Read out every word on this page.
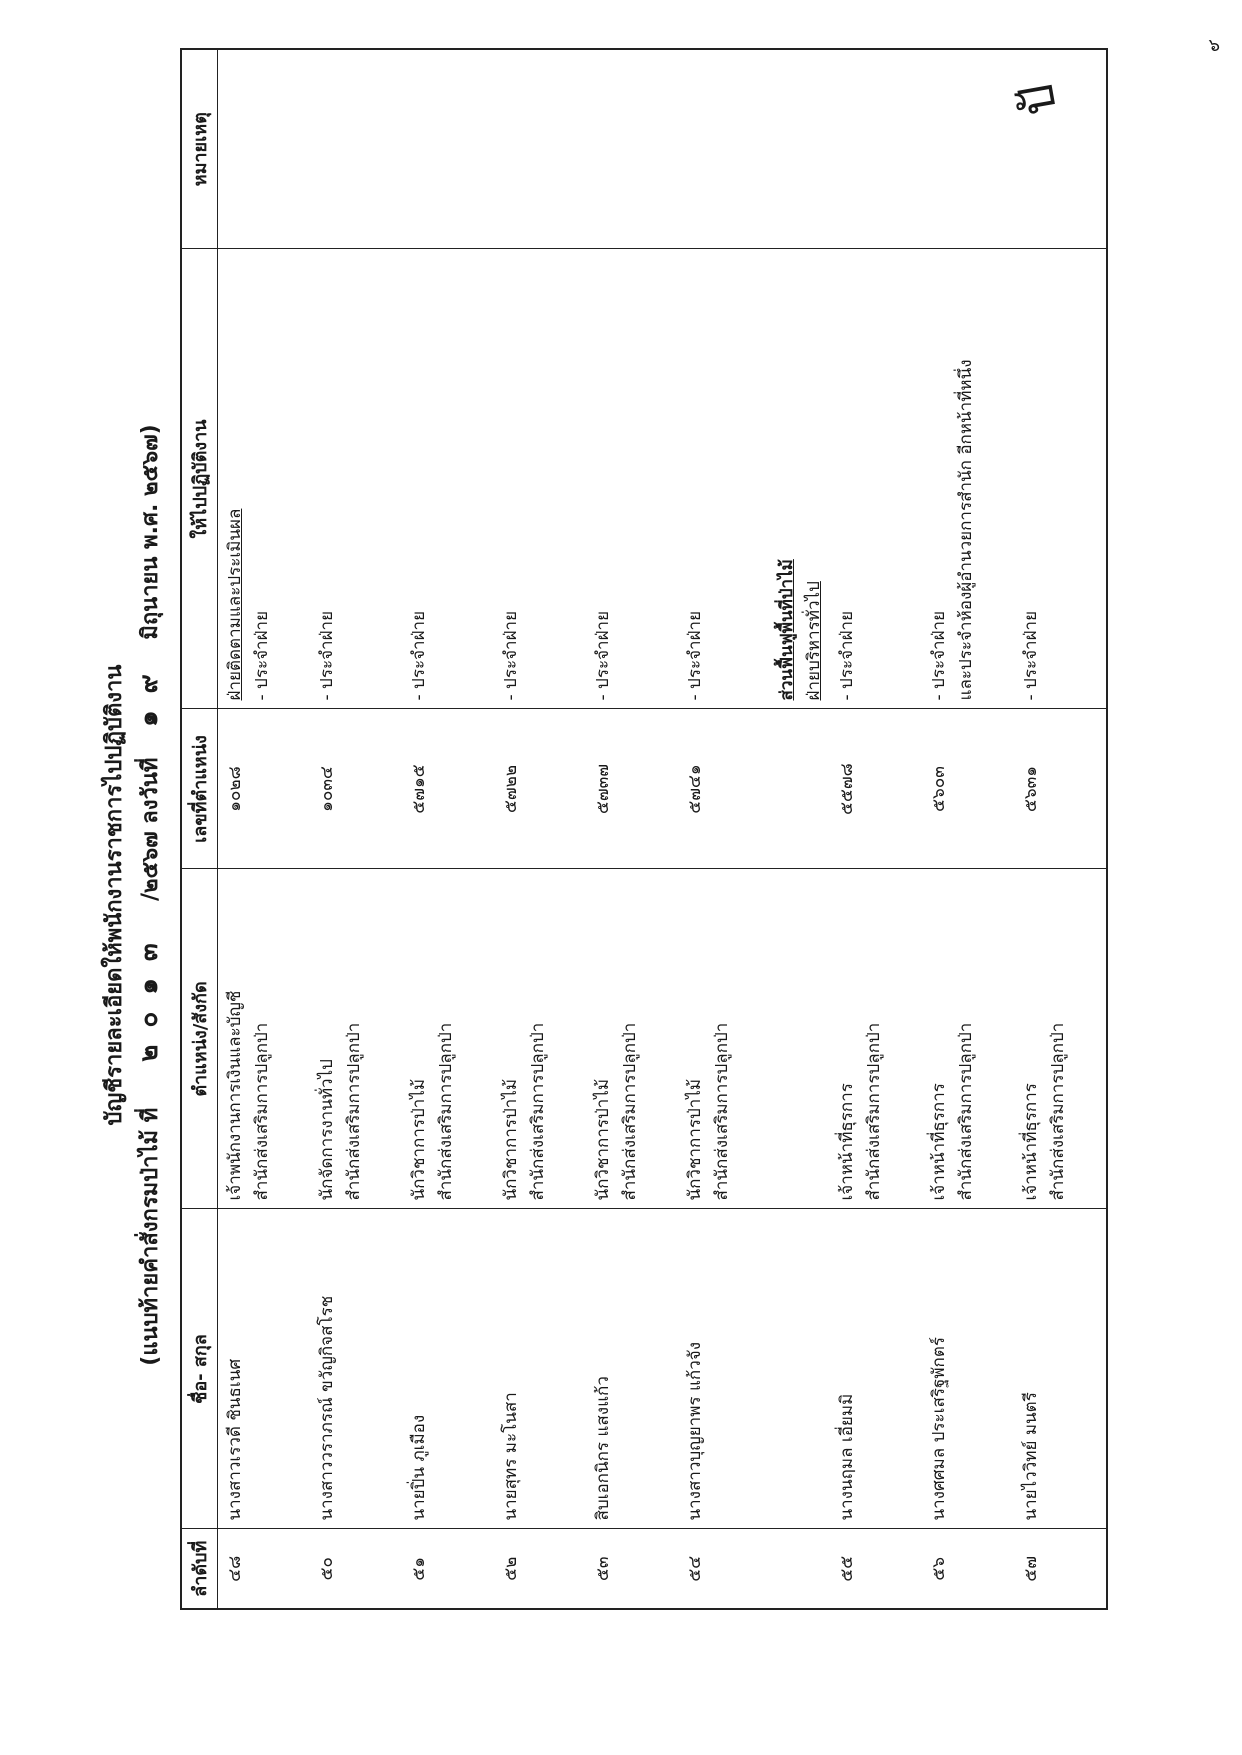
๖
บัญชีรายละเอียดให้พนักงานราชการไปปฏิบัติงาน
(แนบท้ายคำสั่งกรมป่าไม้ ที่      ๒ ๐ ๑ ๓     /๒๕๖๗ ลงวันที่    ๑ ๙    มิถุนายน พ.ศ. ๒๕๖๗)
ลำดับที่	ชื่อ- สกุล	ตำแหน่ง/สังกัด	เลขที่ตำแหน่ง	ให้ไปปฏิบัติงาน	หมายเหตุ
๔๘	นางสาวเรวดี ชินธเนศ	เจ้าพนักงานการเงินและบัญชี สำนักส่งเสริมการปลูกป่า	๑๐๒๘	ฝ่ายติดตามและประเมินผล - ประจำฝ่าย	

๕๐	นางสาววราภรณ์ ขวัญกิจสโรช	นักจัดการงานทั่วไป สำนักส่งเสริมการปลูกป่า	๑๐๓๔	- ประจำฝ่าย	
๕๑	นายปิ่น ภูเมือง	นักวิชาการป่าไม้ สำนักส่งเสริมการปลูกป่า	๕๗๑๕	- ประจำฝ่าย	
๕๒	นายสุทร มะโนสา	นักวิชาการป่าไม้ สำนักส่งเสริมการปลูกป่า	๕๗๒๒	- ประจำฝ่าย	
๕๓	สิบเอกนิกร แสงแก้ว	นักวิชาการป่าไม้ สำนักส่งเสริมการปลูกป่า	๕๗๓๗	- ประจำฝ่าย	
๕๔	นางสาวบุญยาพร แก้วจัง	นักวิชาการป่าไม้ สำนักส่งเสริมการปลูกป่า	๕๗๔๑	- ประจำฝ่าย	

				ส่วนฟื้นฟูพื้นที่ป่าไม้ ฝ่ายบริหารทั่วไป	

๕๕	นางนฤมล เอี่ยมมิ	เจ้าหน้าที่ธุรการ สำนักส่งเสริมการปลูกป่า	๕๕๗๘	- ประจำฝ่าย	
๕๖	นางศศมล ประเสริฐพักตร์	เจ้าหน้าที่ธุรการ สำนักส่งเสริมการปลูกป่า	๕๖๐๓	- ประจำฝ่าย และประจำห้องผู้อำนวยการสำนัก อีกหน้าที่หนึ่ง	

๕๗	นายไววิทย์ มนตรี	เจ้าหน้าที่ธุรการ สำนักส่งเสริมการปลูกป่า	๕๖๓๑	- ประจำฝ่าย	
ปั
